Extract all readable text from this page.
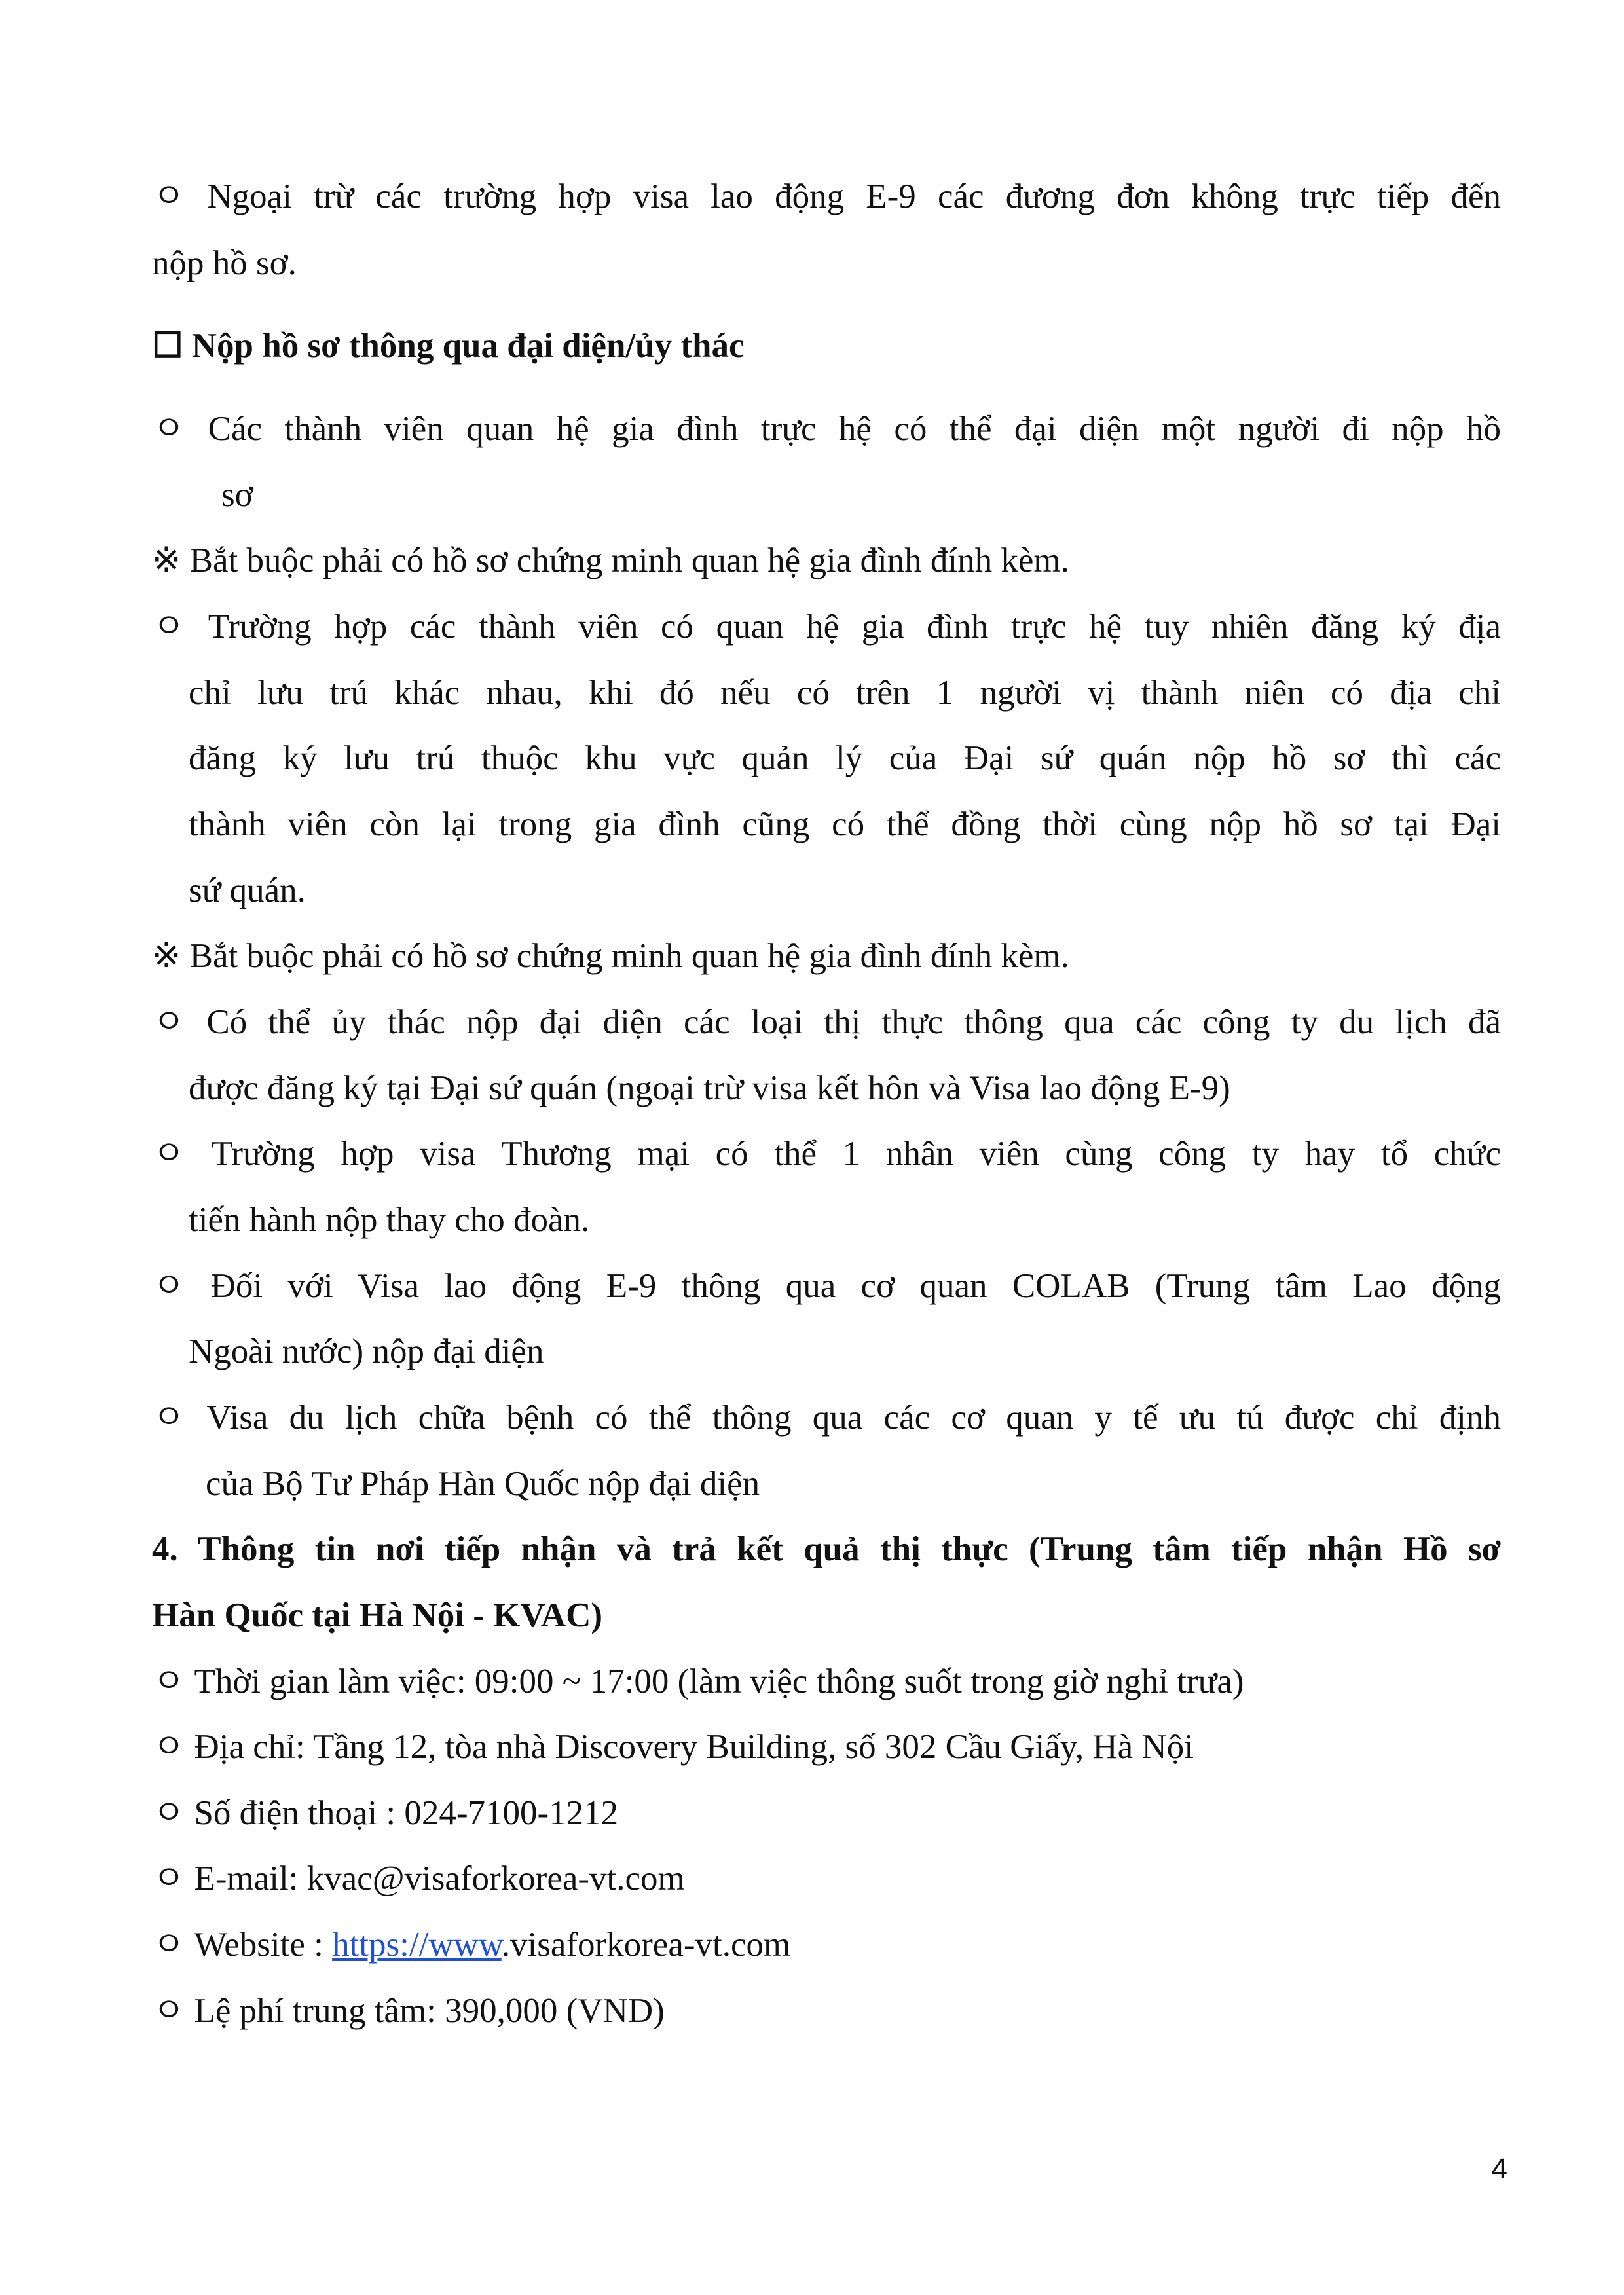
ㅇ Ngoại trừ các trường hợp visa lao động E-9 các đương đơn không trực tiếp đến

nộp hồ sơ.

☐ Nộp hồ sơ thông qua đại diện/ủy thác

ㅇ Các thành viên quan hệ gia đình trực hệ có thể đại diện một người đi nộp hồ

sơ

※ Bắt buộc phải có hồ sơ chứng minh quan hệ gia đình đính kèm.

ㅇ Trường hợp các thành viên có quan hệ gia đình trực hệ tuy nhiên đăng ký địa

chỉ lưu trú khác nhau, khi đó nếu có trên 1 người vị thành niên có địa chỉ

đăng ký lưu trú thuộc khu vực quản lý của Đại sứ quán nộp hồ sơ thì các

thành viên còn lại trong gia đình cũng có thể đồng thời cùng nộp hồ sơ tại Đại

sứ quán.

※ Bắt buộc phải có hồ sơ chứng minh quan hệ gia đình đính kèm.

ㅇ Có thể ủy thác nộp đại diện các loại thị thực thông qua các công ty du lịch đã

được đăng ký tại Đại sứ quán (ngoại trừ visa kết hôn và Visa lao động E-9)

ㅇ Trường hợp visa Thương mại có thể 1 nhân viên cùng công ty hay tổ chức

tiến hành nộp thay cho đoàn.

ㅇ Đối với Visa lao động E-9 thông qua cơ quan COLAB (Trung tâm Lao động

Ngoài nước) nộp đại diện

ㅇ Visa du lịch chữa bệnh có thể thông qua các cơ quan y tế ưu tú được chỉ định

của Bộ Tư Pháp Hàn Quốc nộp đại diện

4. Thông tin nơi tiếp nhận và trả kết quả thị thực (Trung tâm tiếp nhận Hồ sơ

Hàn Quốc tại Hà Nội - KVAC)

ㅇ Thời gian làm việc: 09:00 ~ 17:00 (làm việc thông suốt trong giờ nghỉ trưa)

ㅇ Địa chỉ: Tầng 12, tòa nhà Discovery Building, số 302 Cầu Giấy, Hà Nội

ㅇ Số điện thoại : 024-7100-1212

ㅇ E-mail: kvac@visaforkorea-vt.com

ㅇ Website : https://www.visaforkorea-vt.com

ㅇ Lệ phí trung tâm: 390,000 (VND)

4
